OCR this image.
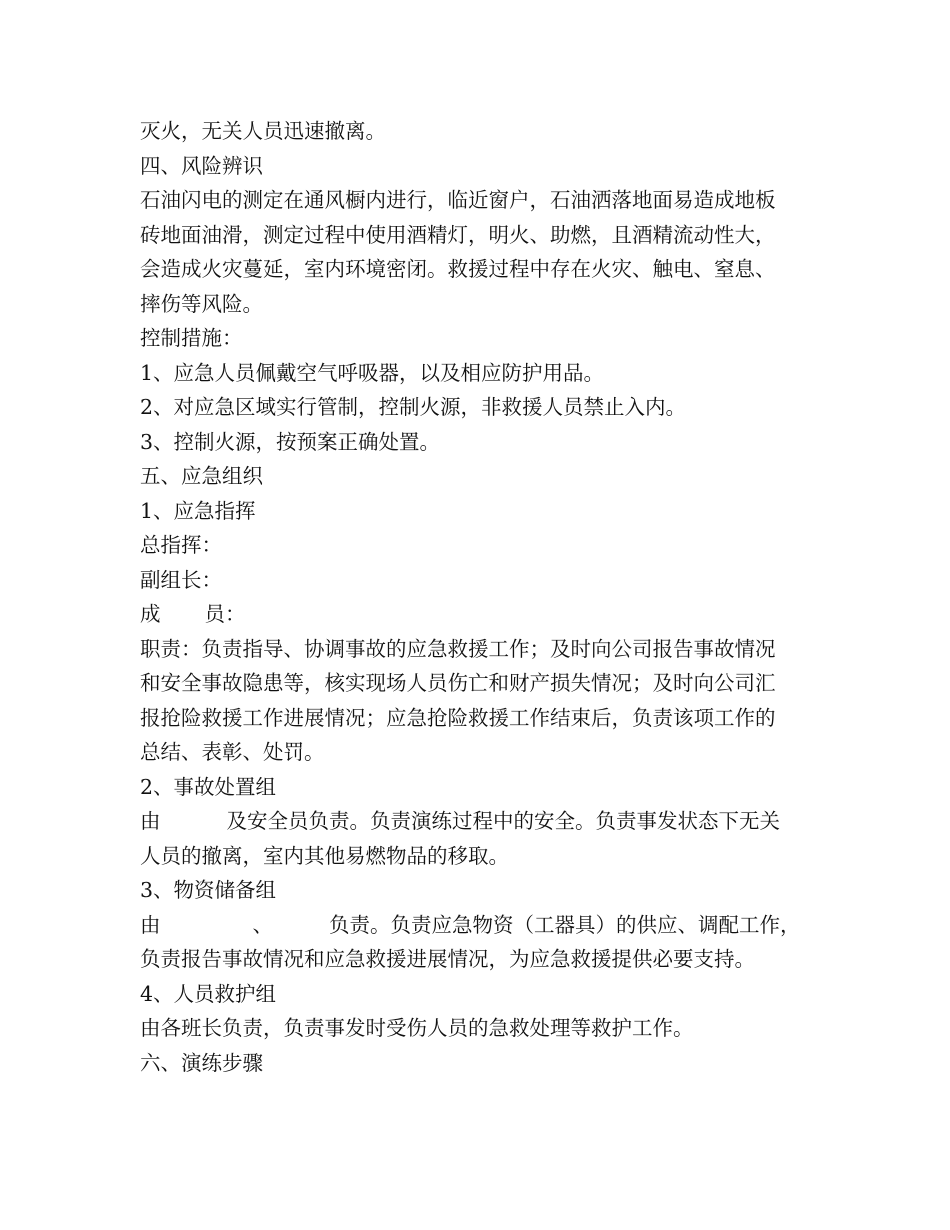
灭火，无关人员迅速撤离。
四、风险辨识
石油闪电的测定在通风橱内进行，临近窗户，石油洒落地面易造成地板
砖地面油滑，测定过程中使用酒精灯，明火、助燃，且酒精流动性大，
会造成火灾蔓延，室内环境密闭。救援过程中存在火灾、触电、窒息、
摔伤等风险。
控制措施：
1、应急人员佩戴空气呼吸器，以及相应防护用品。
2、对应急区域实行管制，控制火源，非救援人员禁止入内。
3、控制火源，按预案正确处置。
五、应急组织
1、应急指挥
总指挥：
副组长：
成 员：
职责：负责指导、协调事故的应急救援工作；及时向公司报告事故情况
和安全事故隐患等，核实现场人员伤亡和财产损失情况；及时向公司汇
报抢险救援工作进展情况；应急抢险救援工作结束后，负责该项工作的
总结、表彰、处罚。
2、事故处置组
由	及安全员负责。负责演练过程中的安全。负责事发状态下无关
人员的撤离，室内其他易燃物品的移取。
3、物资储备组
由	、	负责。负责应急物资（工器具）的供应、调配工作，
负责报告事故情况和应急救援进展情况，为应急救援提供必要支持。
4、人员救护组
由各班长负责，负责事发时受伤人员的急救处理等救护工作。
六、演练步骤
